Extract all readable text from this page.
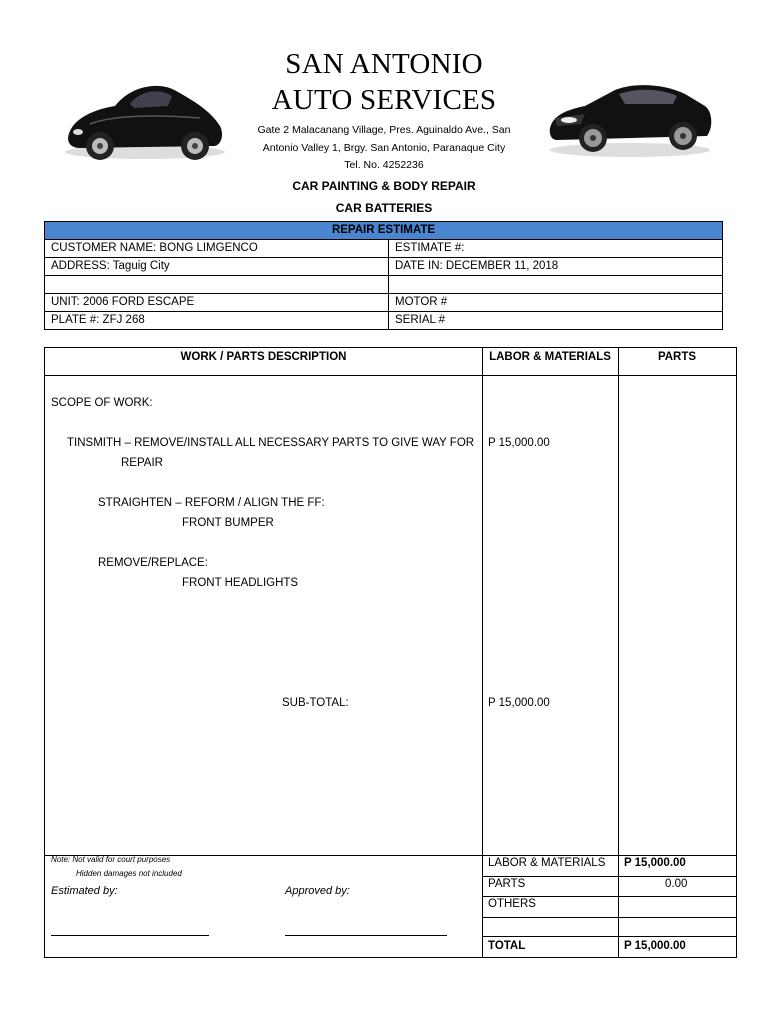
SAN ANTONIO
AUTO SERVICES
Gate 2 Malacanang Village, Pres. Aguinaldo Ave., San
Antonio Valley 1, Brgy. San Antonio, Paranaque City
Tel. No. 4252236
CAR PAINTING & BODY REPAIR
CAR BATTERIES
REPAIR ESTIMATE	
CUSTOMER NAME: BONG LIMGENCO	ESTIMATE #:
ADDRESS: Taguig City	DATE IN: DECEMBER 11, 2018

UNIT: 2006 FORD ESCAPE	MOTOR #
PLATE #: ZFJ 268	SERIAL #
WORK / PARTS DESCRIPTION	LABOR & MATERIALS	PARTS
SCOPE OF WORK:
TINSMITH – REMOVE/INSTALL ALL NECESSARY PARTS TO GIVE WAY FOR
REPAIR
P 15,000.00
STRAIGHTEN – REFORM / ALIGN THE FF:
FRONT BUMPER
REMOVE/REPLACE:
FRONT HEADLIGHTS
SUB-TOTAL:	P 15,000.00
Note: Not valid for court purposes
Hidden damages not included
Estimated by:	Approved by:
LABOR & MATERIALS P 15,000.00
PARTS	0.00
OTHERS
TOTAL	P 15,000.00
